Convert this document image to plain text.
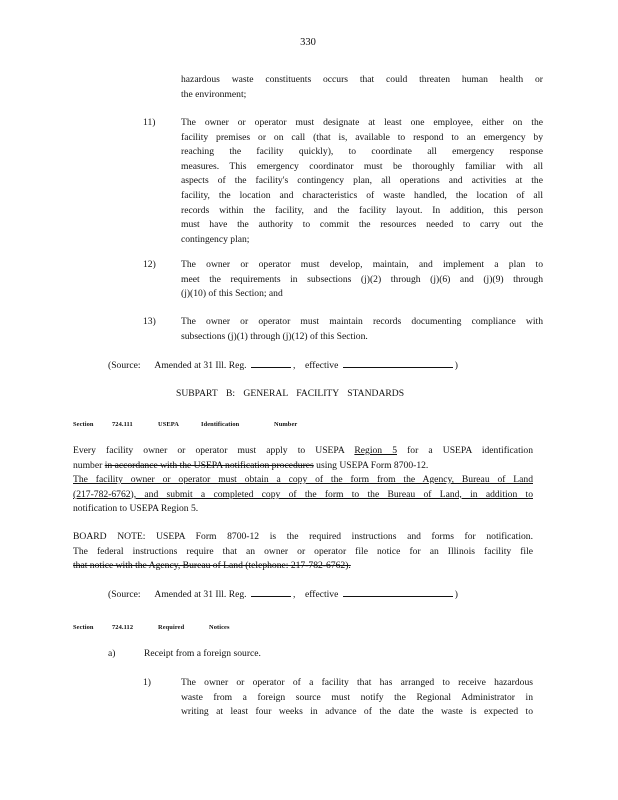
330
hazardous waste constituents occurs that could threaten human health or
the environment;
11)	The owner or operator must designate at least one employee, either on the
facility premises or on call (that is, available to respond to an emergency by
reaching the facility quickly), to coordinate all emergency response
measures. This emergency coordinator must be thoroughly familiar with all
aspects of the facility's contingency plan, all operations and activities at the
facility, the location and characteristics of waste handled, the location of all
records within the facility, and the facility layout. In addition, this person
must have the authority to commit the resources needed to carry out the
contingency plan;
12)	The owner or operator must develop, maintain, and implement a plan to
meet the requirements in subsections (j)(2) through (j)(6) and (j)(9) through
(j)(10) of this Section; and
13)	The owner or operator must maintain records documenting compliance with
subsections (j)(1) through (j)(12) of this Section.
(Source: Amended at 31 Ill. Reg.	,    effective	)
SUBPART B: GENERAL FACILITY STANDARDS
Section	724.111	USEPA	Identification	Number
Every facility owner or operator must apply to USEPA Region 5 for a USEPA identification
number in accordance with the USEPA notification procedures using USEPA Form 8700-12.
The facility owner or operator must obtain a copy of the form from the Agency, Bureau of Land
(217-782-6762), and submit a completed copy of the form to the Bureau of Land, in addition to
notification to USEPA Region 5.
BOARD NOTE: USEPA Form 8700-12 is the required instructions and forms for notification.
The federal instructions require that an owner or operator file notice for an Illinois facility file
that notice with the Agency, Bureau of Land (telephone: 217-782-6762).
(Source: Amended at 31 Ill. Reg.	,    effective	)
Section	724.112	Required	Notices
a)	Receipt from a foreign source.
1)	The owner or operator of a facility that has arranged to receive hazardous
waste from a foreign source must notify the Regional Administrator in
writing at least four weeks in advance of the date the waste is expected to
